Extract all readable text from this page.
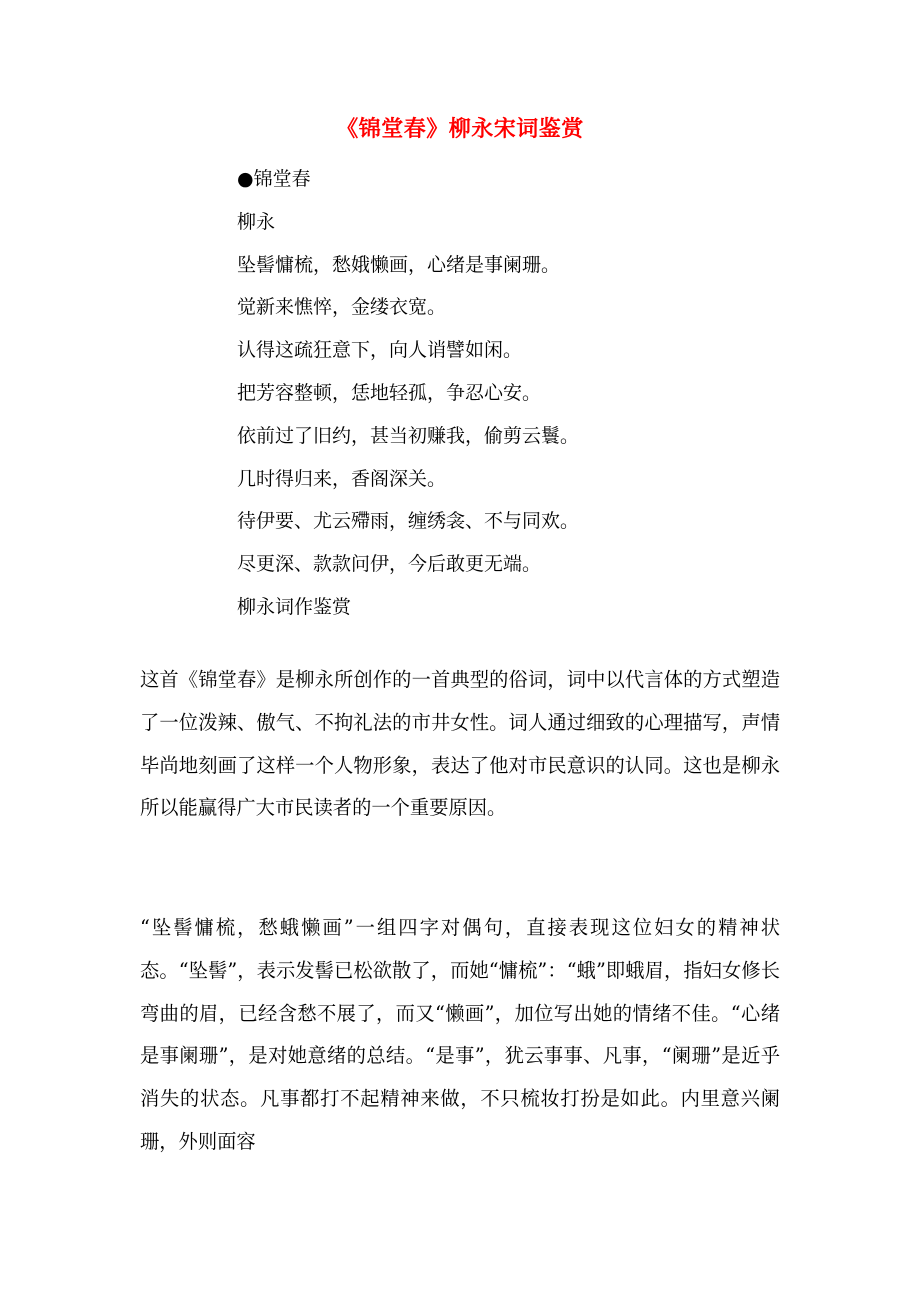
《锦堂春》柳永宋词鉴赏
●锦堂春
柳永
坠髻慵梳，愁娥懒画，心绪是事阑珊。
觉新来憔悴，金缕衣宽。
认得这疏狂意下，向人诮譬如闲。
把芳容整顿，恁地轻孤，争忍心安。
依前过了旧约，甚当初赚我，偷剪云鬟。
几时得归来，香阁深关。
待伊要、尤云殢雨，缠绣衾、不与同欢。
尽更深、款款问伊，今后敢更无端。
柳永词作鉴赏

这首《锦堂春》是柳永所创作的一首典型的俗词，词中以代言体的方式塑造了一位泼辣、傲气、不拘礼法的市井女性。词人通过细致的心理描写，声情毕尚地刻画了这样一个人物形象，表达了他对市民意识的认同。这也是柳永所以能赢得广大市民读者的一个重要原因。

“坠髻慵梳，愁蛾懒画”一组四字对偶句，直接表现这位妇女的精神状态。“坠髻”，表示发髻已松欲散了，而她“慵梳”：“蛾”即蛾眉，指妇女修长弯曲的眉，已经含愁不展了，而又“懒画”，加位写出她的情绪不佳。“心绪是事阑珊”，是对她意绪的总结。“是事”，犹云事事、凡事，“阑珊”是近乎消失的状态。凡事都打不起精神来做，不只梳妆打扮是如此。内里意兴阑珊，外则面容
